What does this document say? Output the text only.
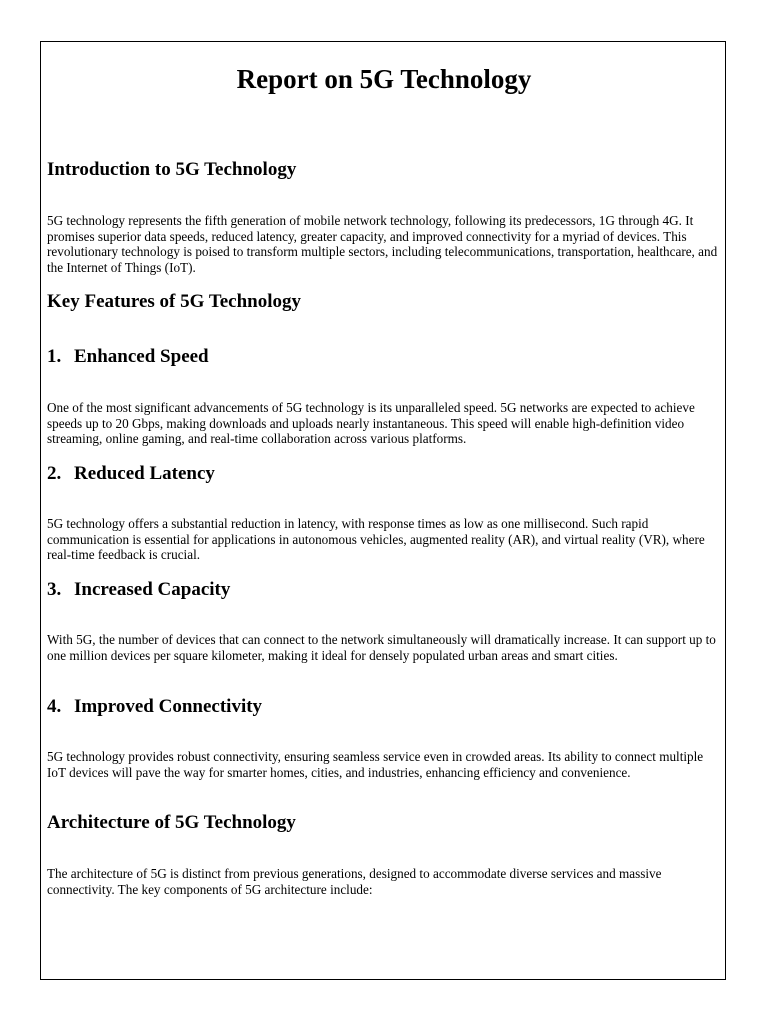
Report on 5G Technology
Introduction to 5G Technology

5G technology represents the fifth generation of mobile network technology, following its predecessors, 1G through 4G. It promises superior data speeds, reduced latency, greater capacity, and improved connectivity for a myriad of devices. This revolutionary technology is poised to transform multiple sectors, including telecommunications, transportation, healthcare, and the Internet of Things (IoT).

Key Features of 5G Technology
1. Enhanced Speed

One of the most significant advancements of 5G technology is its unparalleled speed. 5G networks are expected to achieve speeds up to 20 Gbps, making downloads and uploads nearly instantaneous. This speed will enable high-definition video streaming, online gaming, and real-time collaboration across various platforms.

2. Reduced Latency

5G technology offers a substantial reduction in latency, with response times as low as one millisecond. Such rapid communication is essential for applications in autonomous vehicles, augmented reality (AR), and virtual reality (VR), where real-time feedback is crucial.

3. Increased Capacity

With 5G, the number of devices that can connect to the network simultaneously will dramatically increase. It can support up to one million devices per square kilometer, making it ideal for densely populated urban areas and smart cities.

4. Improved Connectivity

5G technology provides robust connectivity, ensuring seamless service even in crowded areas. Its ability to connect multiple IoT devices will pave the way for smarter homes, cities, and industries, enhancing efficiency and convenience.

Architecture of 5G Technology

The architecture of 5G is distinct from previous generations, designed to accommodate diverse services and massive connectivity. The key components of 5G architecture include:
